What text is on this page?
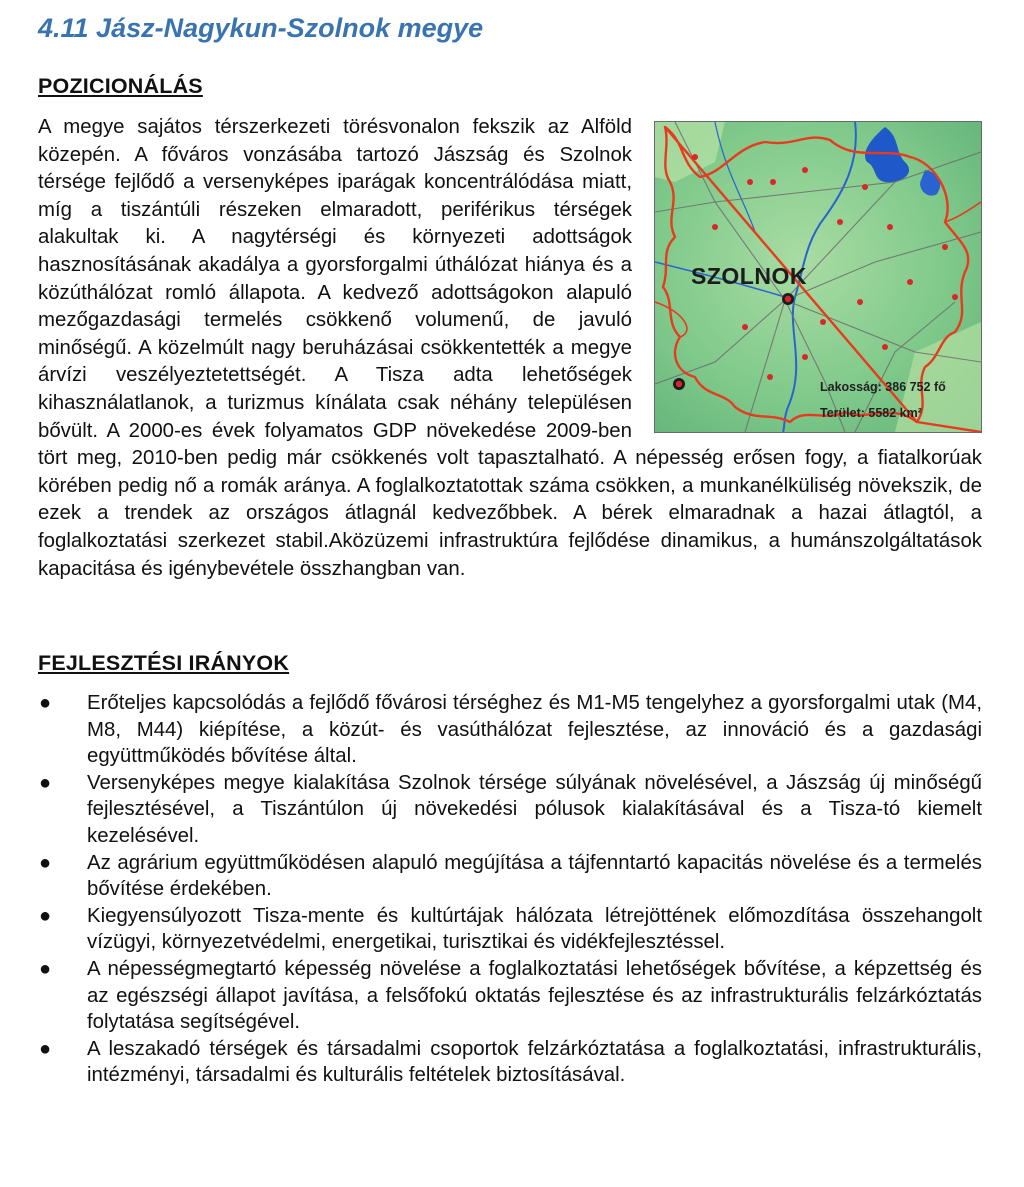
4.11 Jász-Nagykun-Szolnok megye
POZICIONÁLÁS
SZOLNOK
Lakosság: 386 752 fő
Terület: 5582 km²
A megye sajátos térszerkezeti törésvonalon fekszik az Alföld közepén. A főváros vonzásába tartozó Jászság és Szolnok térsége fejlődő a versenyképes iparágak koncentrálódása miatt, míg a tiszántúli részeken elmaradott, periférikus térségek alakultak ki. A nagytérségi és környezeti adottságok hasznosításának akadálya a gyorsforgalmi úthálózat hiánya és a közúthálózat romló állapota. A kedvező adottságokon alapuló mezőgazdasági termelés csökkenő volumenű, de javuló minőségű. A közelmúlt nagy beruházásai csökkentették a megye árvízi veszélyeztetettségét. A Tisza adta lehetőségek kihasználatlanok, a turizmus kínálata csak néhány településen bővült. A 2000-es évek folyamatos GDP növekedése 2009-ben tört meg, 2010-ben pedig már csökkenés volt tapasztalható. A népesség erősen fogy, a fiatalkorúak körében pedig nő a romák aránya. A foglalkoztatottak száma csökken, a munkanélküliség növekszik, de ezek a trendek az országos átlagnál kedvezőbbek. A bérek elmaradnak a hazai átlagtól, a foglalkoztatási szerkezet stabil.Aközüzemi infrastruktúra fejlődése dinamikus, a humánszolgáltatások kapacitása és igénybevétele összhangban van.
FEJLESZTÉSI IRÁNYOK
● Erőteljes kapcsolódás a fejlődő fővárosi térséghez és M1-M5 tengelyhez a gyorsforgalmi utak (M4, M8, M44) kiépítése, a közút- és vasúthálózat fejlesztése, az innováció és a gazdasági együttműködés bővítése által.
● Versenyképes megye kialakítása Szolnok térsége súlyának növelésével, a Jászság új minőségű fejlesztésével, a Tiszántúlon új növekedési pólusok kialakításával és a Tisza-tó kiemelt kezelésével.
● Az agrárium együttműködésen alapuló megújítása a tájfenntartó kapacitás növelése és a termelés bővítése érdekében.
● Kiegyensúlyozott Tisza-mente és kultúrtájak hálózata létrejöttének előmozdítása összehangolt vízügyi, környezetvédelmi, energetikai, turisztikai és vidékfejlesztéssel.
● A népességmegtartó képesség növelése a foglalkoztatási lehetőségek bővítése, a képzettség és az egészségi állapot javítása, a felsőfokú oktatás fejlesztése és az infrastrukturális felzárkóztatás folytatása segítségével.
● A leszakadó térségek és társadalmi csoportok felzárkóztatása a foglalkoztatási, infrastrukturális, intézményi, társadalmi és kulturális feltételek biztosításával.
